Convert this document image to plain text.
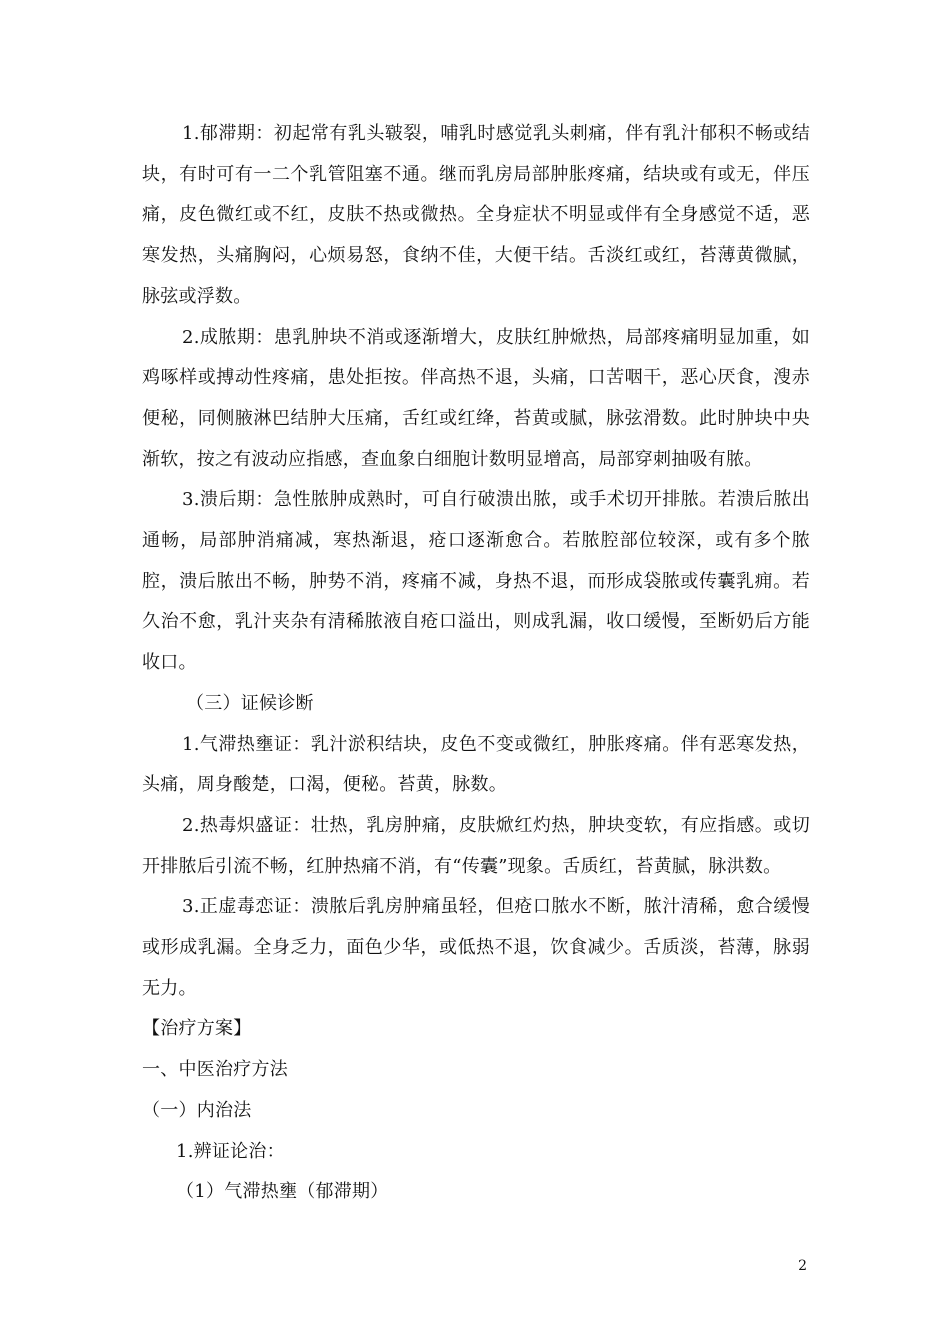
1.郁滞期：初起常有乳头皲裂，哺乳时感觉乳头刺痛，伴有乳汁郁积不畅或结块，有时可有一二个乳管阻塞不通。继而乳房局部肿胀疼痛，结块或有或无，伴压痛，皮色微红或不红，皮肤不热或微热。全身症状不明显或伴有全身感觉不适，恶寒发热，头痛胸闷，心烦易怒，食纳不佳，大便干结。舌淡红或红，苔薄黄微腻，脉弦或浮数。

2.成脓期：患乳肿块不消或逐渐增大，皮肤红肿焮热，局部疼痛明显加重，如鸡啄样或搏动性疼痛，患处拒按。伴高热不退，头痛，口苦咽干，恶心厌食，溲赤便秘，同侧腋淋巴结肿大压痛，舌红或红绛，苔黄或腻，脉弦滑数。此时肿块中央渐软，按之有波动应指感，查血象白细胞计数明显增高，局部穿刺抽吸有脓。

3.溃后期：急性脓肿成熟时，可自行破溃出脓，或手术切开排脓。若溃后脓出通畅，局部肿消痛减，寒热渐退，疮口逐渐愈合。若脓腔部位较深，或有多个脓腔，溃后脓出不畅，肿势不消，疼痛不减，身热不退，而形成袋脓或传囊乳痈。若久治不愈，乳汁夹杂有清稀脓液自疮口溢出，则成乳漏，收口缓慢，至断奶后方能收口。

（三）证候诊断

1.气滞热壅证：乳汁淤积结块，皮色不变或微红，肿胀疼痛。伴有恶寒发热，头痛，周身酸楚，口渴，便秘。苔黄，脉数。

2.热毒炽盛证：壮热，乳房肿痛，皮肤焮红灼热，肿块变软，有应指感。或切开排脓后引流不畅，红肿热痛不消，有“传囊”现象。舌质红，苔黄腻，脉洪数。

3.正虚毒恋证：溃脓后乳房肿痛虽轻，但疮口脓水不断，脓汁清稀，愈合缓慢或形成乳漏。全身乏力，面色少华，或低热不退，饮食减少。舌质淡，苔薄，脉弱无力。

【治疗方案】

一、中医治疗方法

（一）内治法

1.辨证论治：

（1）气滞热壅（郁滞期）

2
